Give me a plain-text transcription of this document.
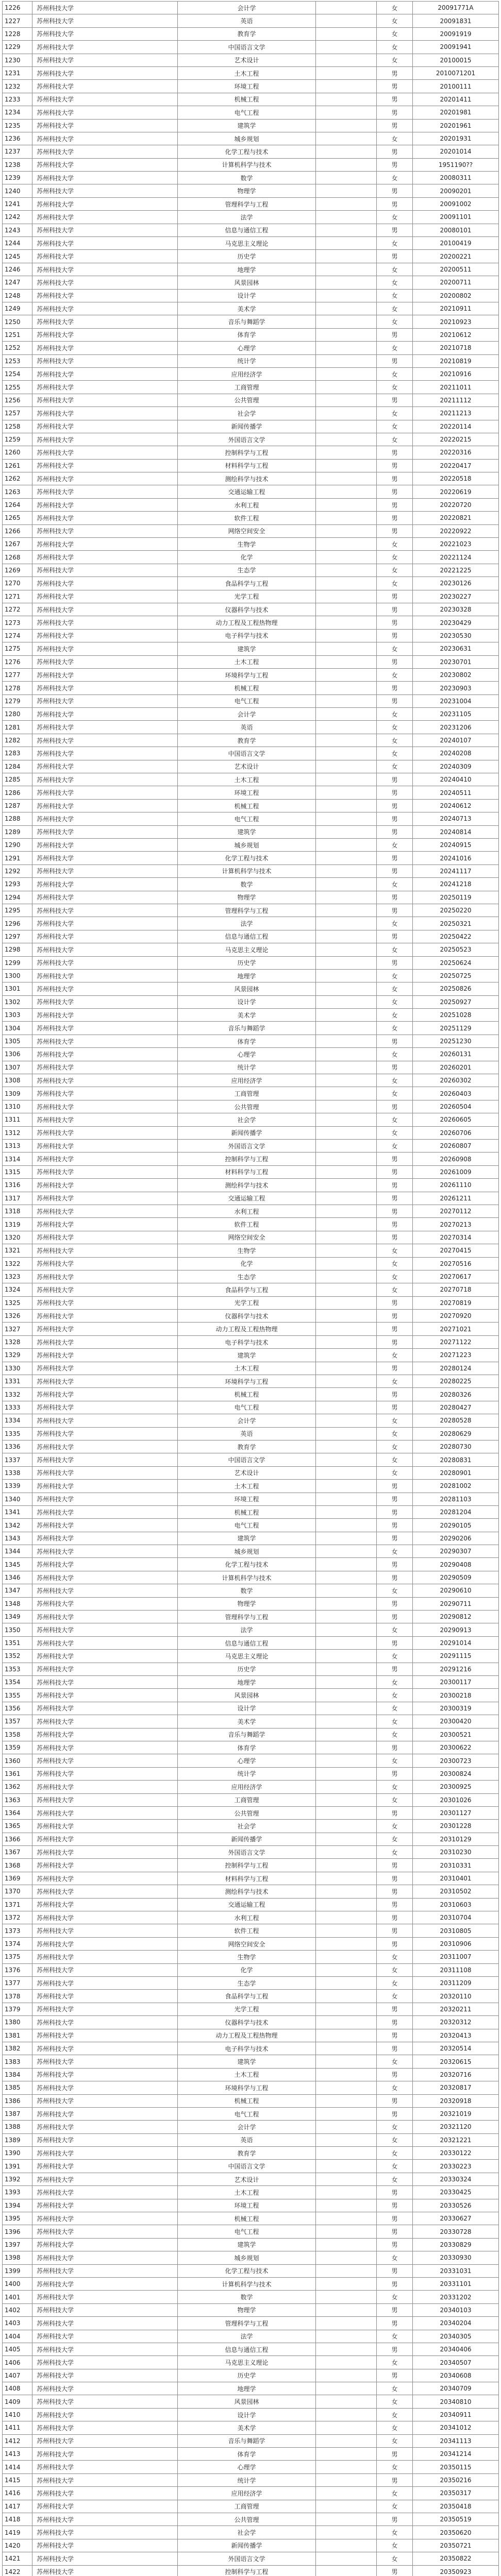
1226	苏州科技大学	会计学		女	20091771A
1227	苏州科技大学	英语		女	20091831
1228	苏州科技大学	教育学		女	20091919
1229	苏州科技大学	中国语言文学		女	20091941
1230	苏州科技大学	艺术设计		女	20100015
1231	苏州科技大学	土木工程		男	2010071201
1232	苏州科技大学	环境工程		男	20100111
1233	苏州科技大学	机械工程		男	20201411
1234	苏州科技大学	电气工程		男	20201981
1235	苏州科技大学	建筑学		男	20201961
1236	苏州科技大学	城乡规划		女	20201931
1237	苏州科技大学	化学工程与技术		男	20201014
1238	苏州科技大学	计算机科学与技术		男	1951190??
1239	苏州科技大学	数学		女	20080311
1240	苏州科技大学	物理学		男	20090201
1241	苏州科技大学	管理科学与工程		男	20091002
1242	苏州科技大学	法学		女	20091101
1243	苏州科技大学	信息与通信工程		男	20080101
1244	苏州科技大学	马克思主义理论		女	20100419
1245	苏州科技大学	历史学		男	20200221
1246	苏州科技大学	地理学		女	20200511
1247	苏州科技大学	风景园林		女	20200711
1248	苏州科技大学	设计学		女	20200802
1249	苏州科技大学	美术学		女	20210911
1250	苏州科技大学	音乐与舞蹈学		女	20210923
1251	苏州科技大学	体育学		男	20210612
1252	苏州科技大学	心理学		女	20210718
1253	苏州科技大学	统计学		男	20210819
1254	苏州科技大学	应用经济学		女	20210916
1255	苏州科技大学	工商管理		女	20211011
1256	苏州科技大学	公共管理		男	20211112
1257	苏州科技大学	社会学		女	20211213
1258	苏州科技大学	新闻传播学		女	20220114
1259	苏州科技大学	外国语言文学		女	20220215
1260	苏州科技大学	控制科学与工程		男	20220316
1261	苏州科技大学	材料科学与工程		男	20220417
1262	苏州科技大学	测绘科学与技术		男	20220518
1263	苏州科技大学	交通运输工程		男	20220619
1264	苏州科技大学	水利工程		男	20220720
1265	苏州科技大学	软件工程		男	20220821
1266	苏州科技大学	网络空间安全		男	20220922
1267	苏州科技大学	生物学		女	20221023
1268	苏州科技大学	化学		女	20221124
1269	苏州科技大学	生态学		女	20221225
1270	苏州科技大学	食品科学与工程		女	20230126
1271	苏州科技大学	光学工程		男	20230227
1272	苏州科技大学	仪器科学与技术		男	20230328
1273	苏州科技大学	动力工程及工程热物理		男	20230429
1274	苏州科技大学	电子科学与技术		男	20230530
1275	苏州科技大学	建筑学		女	20230631
1276	苏州科技大学	土木工程		男	20230701
1277	苏州科技大学	环境科学与工程		女	20230802
1278	苏州科技大学	机械工程		男	20230903
1279	苏州科技大学	电气工程		男	20231004
1280	苏州科技大学	会计学		女	20231105
1281	苏州科技大学	英语		女	20231206
1282	苏州科技大学	教育学		女	20240107
1283	苏州科技大学	中国语言文学		女	20240208
1284	苏州科技大学	艺术设计		女	20240309
1285	苏州科技大学	土木工程		男	20240410
1286	苏州科技大学	环境工程		男	20240511
1287	苏州科技大学	机械工程		男	20240612
1288	苏州科技大学	电气工程		男	20240713
1289	苏州科技大学	建筑学		男	20240814
1290	苏州科技大学	城乡规划		女	20240915
1291	苏州科技大学	化学工程与技术		男	20241016
1292	苏州科技大学	计算机科学与技术		男	20241117
1293	苏州科技大学	数学		女	20241218
1294	苏州科技大学	物理学		男	20250119
1295	苏州科技大学	管理科学与工程		男	20250220
1296	苏州科技大学	法学		女	20250321
1297	苏州科技大学	信息与通信工程		男	20250422
1298	苏州科技大学	马克思主义理论		女	20250523
1299	苏州科技大学	历史学		男	20250624
1300	苏州科技大学	地理学		女	20250725
1301	苏州科技大学	风景园林		女	20250826
1302	苏州科技大学	设计学		女	20250927
1303	苏州科技大学	美术学		女	20251028
1304	苏州科技大学	音乐与舞蹈学		女	20251129
1305	苏州科技大学	体育学		男	20251230
1306	苏州科技大学	心理学		女	20260131
1307	苏州科技大学	统计学		男	20260201
1308	苏州科技大学	应用经济学		女	20260302
1309	苏州科技大学	工商管理		女	20260403
1310	苏州科技大学	公共管理		男	20260504
1311	苏州科技大学	社会学		女	20260605
1312	苏州科技大学	新闻传播学		女	20260706
1313	苏州科技大学	外国语言文学		女	20260807
1314	苏州科技大学	控制科学与工程		男	20260908
1315	苏州科技大学	材料科学与工程		男	20261009
1316	苏州科技大学	测绘科学与技术		男	20261110
1317	苏州科技大学	交通运输工程		男	20261211
1318	苏州科技大学	水利工程		男	20270112
1319	苏州科技大学	软件工程		男	20270213
1320	苏州科技大学	网络空间安全		男	20270314
1321	苏州科技大学	生物学		女	20270415
1322	苏州科技大学	化学		女	20270516
1323	苏州科技大学	生态学		女	20270617
1324	苏州科技大学	食品科学与工程		女	20270718
1325	苏州科技大学	光学工程		男	20270819
1326	苏州科技大学	仪器科学与技术		男	20270920
1327	苏州科技大学	动力工程及工程热物理		男	20271021
1328	苏州科技大学	电子科学与技术		男	20271122
1329	苏州科技大学	建筑学		女	20271223
1330	苏州科技大学	土木工程		男	20280124
1331	苏州科技大学	环境科学与工程		女	20280225
1332	苏州科技大学	机械工程		男	20280326
1333	苏州科技大学	电气工程		男	20280427
1334	苏州科技大学	会计学		女	20280528
1335	苏州科技大学	英语		女	20280629
1336	苏州科技大学	教育学		女	20280730
1337	苏州科技大学	中国语言文学		女	20280831
1338	苏州科技大学	艺术设计		女	20280901
1339	苏州科技大学	土木工程		男	20281002
1340	苏州科技大学	环境工程		男	20281103
1341	苏州科技大学	机械工程		男	20281204
1342	苏州科技大学	电气工程		男	20290105
1343	苏州科技大学	建筑学		男	20290206
1344	苏州科技大学	城乡规划		女	20290307
1345	苏州科技大学	化学工程与技术		男	20290408
1346	苏州科技大学	计算机科学与技术		男	20290509
1347	苏州科技大学	数学		女	20290610
1348	苏州科技大学	物理学		男	20290711
1349	苏州科技大学	管理科学与工程		男	20290812
1350	苏州科技大学	法学		女	20290913
1351	苏州科技大学	信息与通信工程		男	20291014
1352	苏州科技大学	马克思主义理论		女	20291115
1353	苏州科技大学	历史学		男	20291216
1354	苏州科技大学	地理学		女	20300117
1355	苏州科技大学	风景园林		女	20300218
1356	苏州科技大学	设计学		女	20300319
1357	苏州科技大学	美术学		女	20300420
1358	苏州科技大学	音乐与舞蹈学		女	20300521
1359	苏州科技大学	体育学		男	20300622
1360	苏州科技大学	心理学		女	20300723
1361	苏州科技大学	统计学		男	20300824
1362	苏州科技大学	应用经济学		女	20300925
1363	苏州科技大学	工商管理		女	20301026
1364	苏州科技大学	公共管理		男	20301127
1365	苏州科技大学	社会学		女	20301228
1366	苏州科技大学	新闻传播学		女	20310129
1367	苏州科技大学	外国语言文学		女	20310230
1368	苏州科技大学	控制科学与工程		男	20310331
1369	苏州科技大学	材料科学与工程		男	20310401
1370	苏州科技大学	测绘科学与技术		男	20310502
1371	苏州科技大学	交通运输工程		男	20310603
1372	苏州科技大学	水利工程		男	20310704
1373	苏州科技大学	软件工程		男	20310805
1374	苏州科技大学	网络空间安全		男	20310906
1375	苏州科技大学	生物学		女	20311007
1376	苏州科技大学	化学		女	20311108
1377	苏州科技大学	生态学		女	20311209
1378	苏州科技大学	食品科学与工程		女	20320110
1379	苏州科技大学	光学工程		男	20320211
1380	苏州科技大学	仪器科学与技术		男	20320312
1381	苏州科技大学	动力工程及工程热物理		男	20320413
1382	苏州科技大学	电子科学与技术		男	20320514
1383	苏州科技大学	建筑学		女	20320615
1384	苏州科技大学	土木工程		男	20320716
1385	苏州科技大学	环境科学与工程		女	20320817
1386	苏州科技大学	机械工程		男	20320918
1387	苏州科技大学	电气工程		男	20321019
1388	苏州科技大学	会计学		女	20321120
1389	苏州科技大学	英语		女	20321221
1390	苏州科技大学	教育学		女	20330122
1391	苏州科技大学	中国语言文学		女	20330223
1392	苏州科技大学	艺术设计		女	20330324
1393	苏州科技大学	土木工程		男	20330425
1394	苏州科技大学	环境工程		男	20330526
1395	苏州科技大学	机械工程		男	20330627
1396	苏州科技大学	电气工程		男	20330728
1397	苏州科技大学	建筑学		男	20330829
1398	苏州科技大学	城乡规划		女	20330930
1399	苏州科技大学	化学工程与技术		男	20331031
1400	苏州科技大学	计算机科学与技术		男	20331101
1401	苏州科技大学	数学		女	20331202
1402	苏州科技大学	物理学		男	20340103
1403	苏州科技大学	管理科学与工程		男	20340204
1404	苏州科技大学	法学		女	20340305
1405	苏州科技大学	信息与通信工程		男	20340406
1406	苏州科技大学	马克思主义理论		女	20340507
1407	苏州科技大学	历史学		男	20340608
1408	苏州科技大学	地理学		女	20340709
1409	苏州科技大学	风景园林		女	20340810
1410	苏州科技大学	设计学		女	20340911
1411	苏州科技大学	美术学		女	20341012
1412	苏州科技大学	音乐与舞蹈学		女	20341113
1413	苏州科技大学	体育学		男	20341214
1414	苏州科技大学	心理学		女	20350115
1415	苏州科技大学	统计学		男	20350216
1416	苏州科技大学	应用经济学		女	20350317
1417	苏州科技大学	工商管理		女	20350418
1418	苏州科技大学	公共管理		男	20350519
1419	苏州科技大学	社会学		女	20350620
1420	苏州科技大学	新闻传播学		女	20350721
1421	苏州科技大学	外国语言文学		女	20350822
1422	苏州科技大学	控制科学与工程		男	20350923
